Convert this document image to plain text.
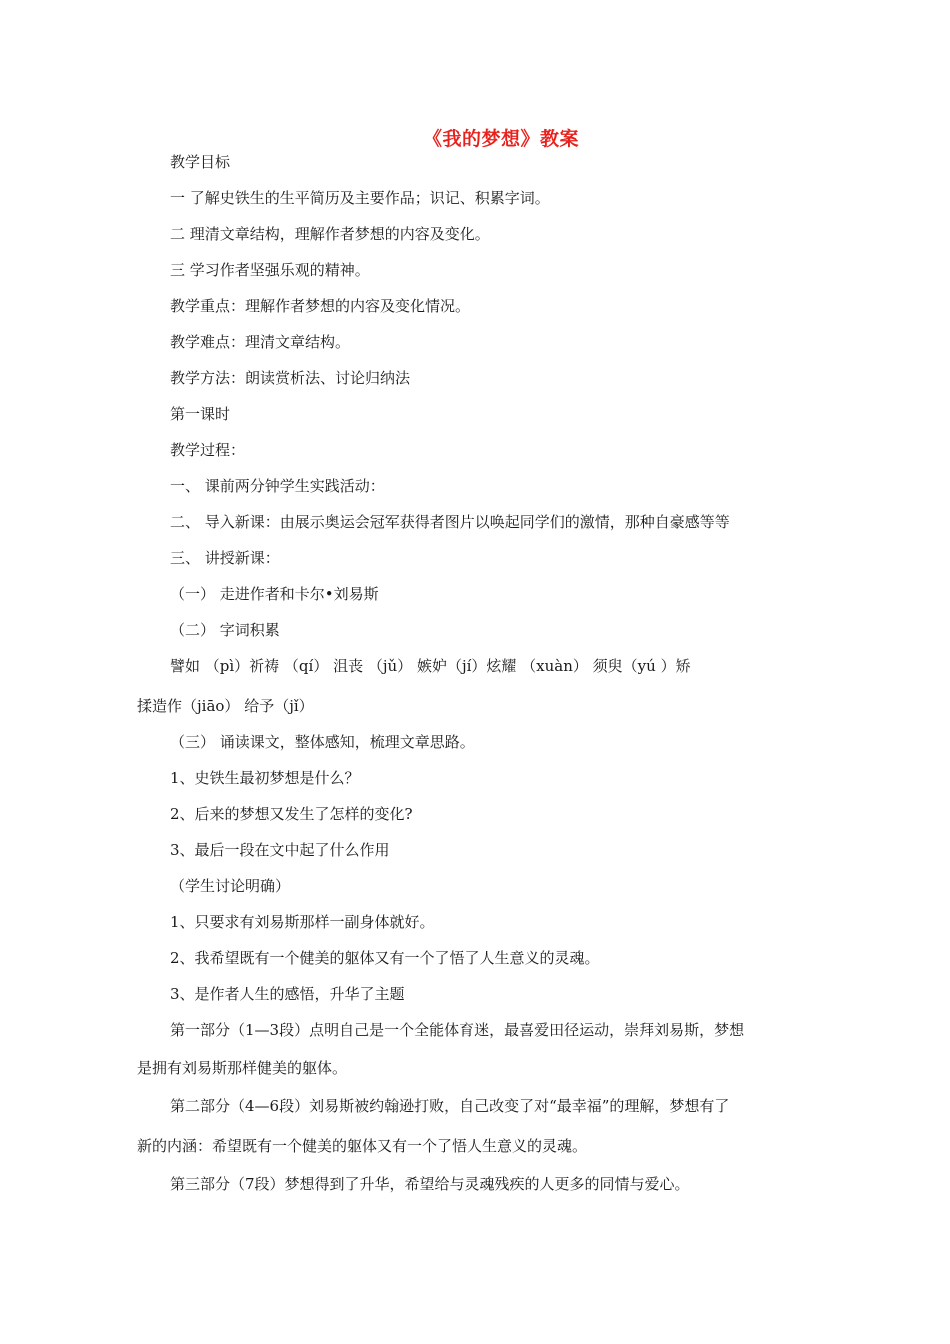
《我的梦想》教案
教学目标
一 了解史铁生的生平简历及主要作品；识记、积累字词。
二 理清文章结构，理解作者梦想的内容及变化。
三 学习作者坚强乐观的精神。
教学重点：理解作者梦想的内容及变化情况。
教学难点：理清文章结构。
教学方法：朗读赏析法、讨论归纳法
第一课时
教学过程：
一、 课前两分钟学生实践活动：
二、 导入新课：由展示奥运会冠军获得者图片以唤起同学们的激情，那种自豪感等等
三、 讲授新课：
（一） 走进作者和卡尔•刘易斯
（二） 字词积累
譬如 （pì）祈祷 （qí） 沮丧 （jǔ） 嫉妒（jí）炫耀 （xuàn） 须臾（yú ）矫
揉造作（jiāo） 给予（jǐ）
（三） 诵读课文，整体感知，梳理文章思路。
1、史铁生最初梦想是什么？
2、后来的梦想又发生了怎样的变化?
3、最后一段在文中起了什么作用
（学生讨论明确）
1、只要求有刘易斯那样一副身体就好。
2、我希望既有一个健美的躯体又有一个了悟了人生意义的灵魂。
3、是作者人生的感悟，升华了主题
第一部分（1—3段）点明自己是一个全能体育迷，最喜爱田径运动，崇拜刘易斯，梦想
是拥有刘易斯那样健美的躯体。
第二部分（4—6段）刘易斯被约翰逊打败，自己改变了对“最幸福”的理解，梦想有了
新的内涵：希望既有一个健美的躯体又有一个了悟人生意义的灵魂。
第三部分（7段）梦想得到了升华，希望给与灵魂残疾的人更多的同情与爱心。
